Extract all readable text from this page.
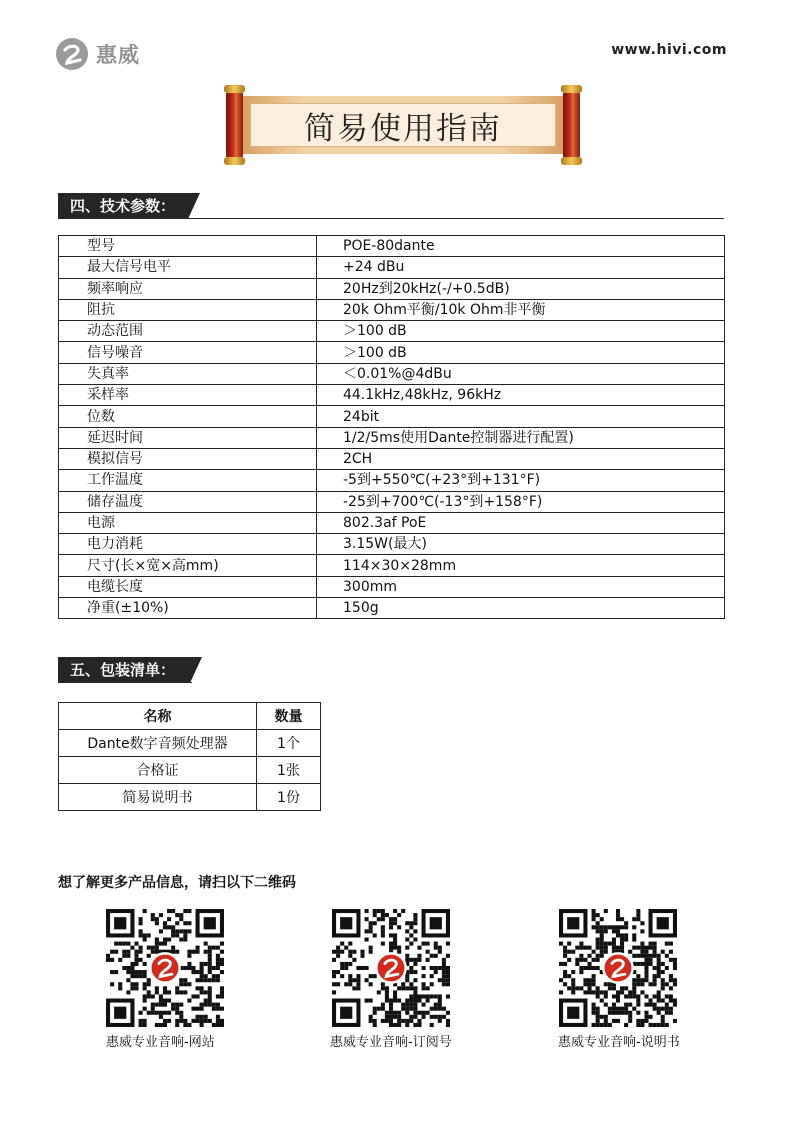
惠威	www.hivi.com
简易使用指南
四、技术参数：
型号	POE-80dante
最大信号电平	+24 dBu
频率响应	20Hz到20kHz(-/+0.5dB)
阻抗	20k Ohm平衡/10k Ohm非平衡
动态范围	＞100 dB
信号噪音	＞100 dB
失真率	＜0.01%@4dBu
采样率	44.1kHz,48kHz, 96kHz
位数	24bit
延迟时间	1/2/5ms使用Dante控制器进行配置)
模拟信号	2CH
工作温度	-5到+550℃(+23°到+131°F)
储存温度	-25到+700℃(-13°到+158°F)
电源	802.3af PoE
电力消耗	3.15W(最大)
尺寸(长×宽×高mm)	114×30×28mm
电缆长度	300mm
净重(±10%)	150g
五、包装清单：
名称	数量
Dante数字音频处理器	1个
合格证	1张
简易说明书	1份
想了解更多产品信息，请扫以下二维码
惠威专业音响-网站	惠威专业音响-订阅号	惠威专业音响-说明书
